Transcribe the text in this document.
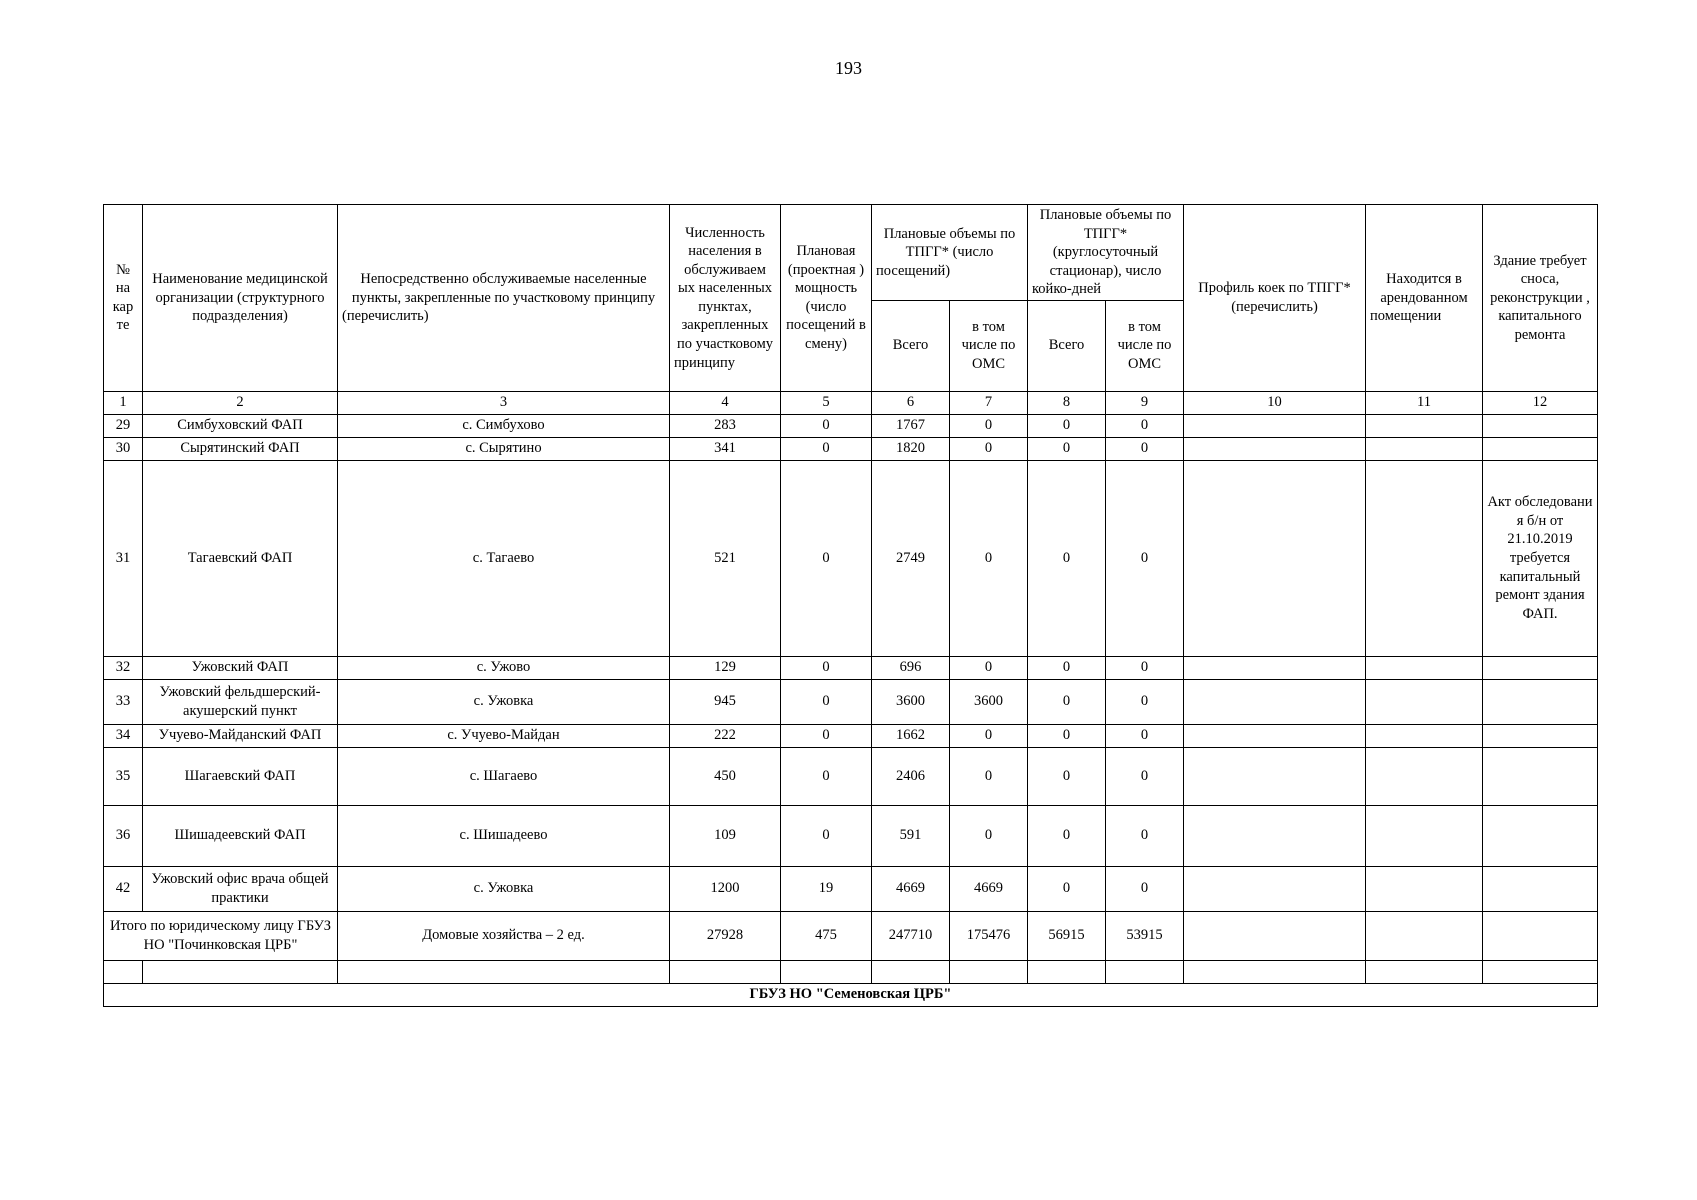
193
№ на кар те	Наименование медицинской организации (структурного подразделения)	Непосредственно обслуживаемые населенные пункты, закрепленные по участковому принципу (перечислить)	Численность населения в обслуживаем ых населенных пунктах, закрепленных по участковому принципу	Плановая (проектная ) мощность (число посещений в смену)	Плановые объемы по ТПГГ* (число посещений)		Плановые объемы по ТПГГ* (круглосуточный стационар), число койко-дней		Профиль коек по ТПГГ* (перечислить)	Находится в арендованном помещении	Здание требует сноса, реконструкции , капитального ремонта
					Всего	в том числе по ОМС	Всего	в том числе по ОМС			
1	2	3	4	5	6	7	8	9	10	11	12
29	Симбуховский ФАП	с. Симбухово	283	0	1767	0	0	0			
30	Сырятинский ФАП	с. Сырятино	341	0	1820	0	0	0			
31	Тагаевский ФАП	с. Тагаево	521	0	2749	0	0	0			Акт обследовани я б/н от 21.10.2019 требуется капитальный ремонт здания ФАП.
32	Ужовский ФАП	с. Ужово	129	0	696	0	0	0			
33	Ужовский фельдшерский-акушерский пункт	с. Ужовка	945	0	3600	3600	0	0			
34	Учуево-Майданский ФАП	с. Учуево-Майдан	222	0	1662	0	0	0			
35	Шагаевский ФАП	с. Шагаево	450	0	2406	0	0	0			
36	Шишадеевский ФАП	с. Шишадеево	109	0	591	0	0	0			
42	Ужовский офис врача общей практики	с. Ужовка	1200	19	4669	4669	0	0			
Итого по юридическому лицу ГБУЗ НО "Починковская ЦРБ"		Домовые хозяйства – 2 ед.	27928	475	247710	175476	56915	53915			

ГБУЗ НО "Семеновская ЦРБ"											
